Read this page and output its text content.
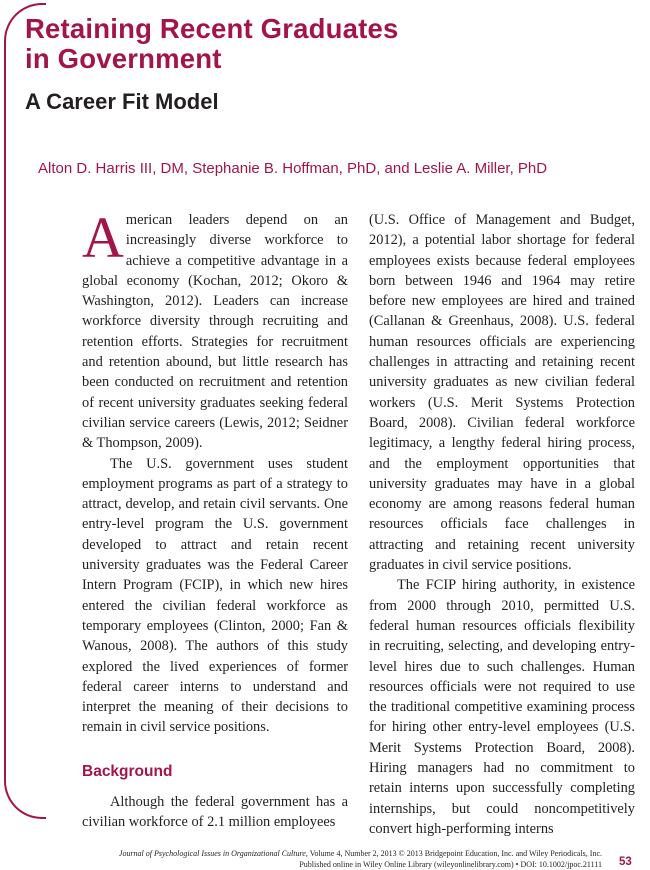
Retaining Recent Graduates
in Government
A Career Fit Model

Alton D. Harris III, DM, Stephanie B. Hoffman, PhD, and Leslie A. Miller, PhD

American leaders depend on an increasingly diverse workforce to achieve a competitive advantage in a global economy (Kochan, 2012; Okoro & Washington, 2012). Leaders can increase workforce diversity through recruiting and retention efforts. Strategies for recruitment and retention abound, but little research has been conducted on recruitment and retention of recent university graduates seeking federal civilian service careers (Lewis, 2012; Seidner & Thompson, 2009).

The U.S. government uses student employment programs as part of a strategy to attract, develop, and retain civil servants. One entry-level program the U.S. government developed to attract and retain recent university graduates was the Federal Career Intern Program (FCIP), in which new hires entered the civilian federal workforce as temporary employees (Clinton, 2000; Fan & Wanous, 2008). The authors of this study explored the lived experiences of former federal career interns to understand and interpret the meaning of their decisions to remain in civil service positions.

Background

Although the federal government has a civilian workforce of 2.1 million employees

(U.S. Office of Management and Budget, 2012), a potential labor shortage for federal employees exists because federal employees born between 1946 and 1964 may retire before new employees are hired and trained (Callanan & Greenhaus, 2008). U.S. federal human resources officials are experiencing challenges in attracting and retaining recent university graduates as new civilian federal workers (U.S. Merit Systems Protection Board, 2008). Civilian federal workforce legitimacy, a lengthy federal hiring process, and the employment opportunities that university graduates may have in a global economy are among reasons federal human resources officials face challenges in attracting and retaining recent university graduates in civil service positions.

The FCIP hiring authority, in existence from 2000 through 2010, permitted U.S. federal human resources officials flexibility in recruiting, selecting, and developing entry-level hires due to such challenges. Human resources officials were not required to use the traditional competitive examining process for hiring other entry-level employees (U.S. Merit Systems Protection Board, 2008). Hiring managers had no commitment to retain interns upon successfully completing internships, but could noncompetitively convert high-performing interns

Journal of Psychological Issues in Organizational Culture, Volume 4, Number 2, 2013 © 2013 Bridgepoint Education, Inc. and Wiley Periodicals, Inc.
Published online in Wiley Online Library (wileyonlinelibrary.com) • DOI: 10.1002/jpoc.21111 53
